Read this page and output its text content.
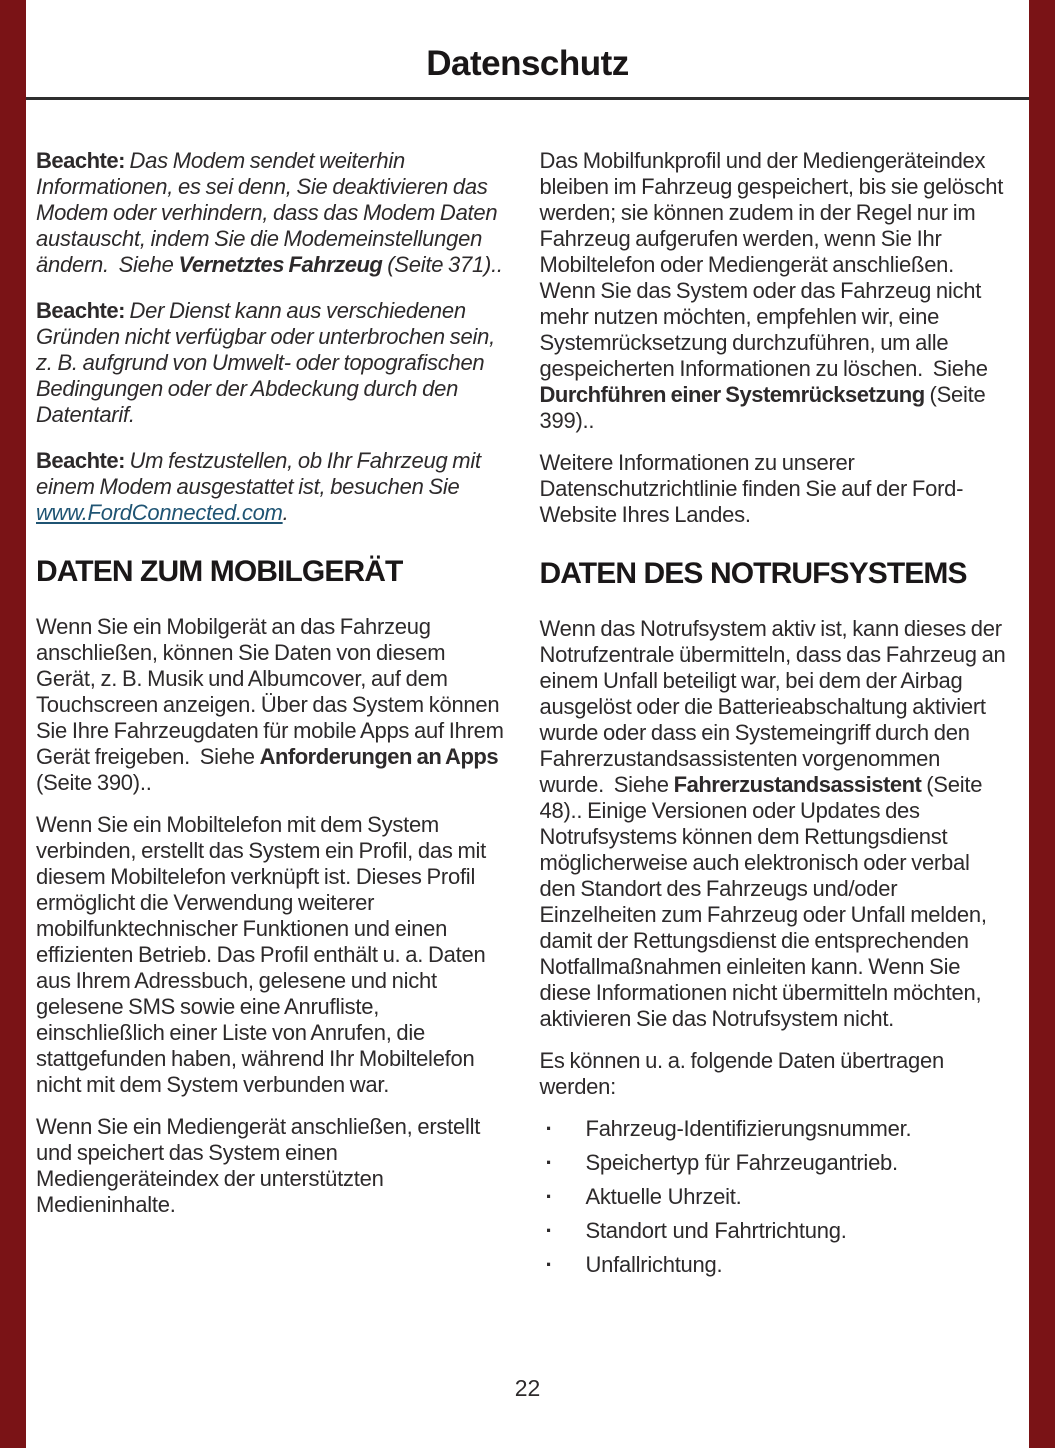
Datenschutz

Beachte: Das Modem sendet weiterhin Informationen, es sei denn, Sie deaktivieren das Modem oder verhindern, dass das Modem Daten austauscht, indem Sie die Modemeinstellungen ändern.  Siehe Vernetztes Fahrzeug (Seite 371)..

Beachte: Der Dienst kann aus verschiedenen Gründen nicht verfügbar oder unterbrochen sein, z. B. aufgrund von Umwelt- oder topografischen Bedingungen oder der Abdeckung durch den Datentarif.

Beachte: Um festzustellen, ob Ihr Fahrzeug mit einem Modem ausgestattet ist, besuchen Sie www.FordConnected.com.

DATEN ZUM MOBILGERÄT

Wenn Sie ein Mobilgerät an das Fahrzeug anschließen, können Sie Daten von diesem Gerät, z. B. Musik und Albumcover, auf dem Touchscreen anzeigen. Über das System können Sie Ihre Fahrzeugdaten für mobile Apps auf Ihrem Gerät freigeben.  Siehe Anforderungen an Apps (Seite 390)..

Wenn Sie ein Mobiltelefon mit dem System verbinden, erstellt das System ein Profil, das mit diesem Mobiltelefon verknüpft ist. Dieses Profil ermöglicht die Verwendung weiterer mobilfunktechnischer Funktionen und einen effizienten Betrieb. Das Profil enthält u. a. Daten aus Ihrem Adressbuch, gelesene und nicht gelesene SMS sowie eine Anrufliste, einschließlich einer Liste von Anrufen, die stattgefunden haben, während Ihr Mobiltelefon nicht mit dem System verbunden war.

Wenn Sie ein Mediengerät anschließen, erstellt und speichert das System einen Mediengeräteindex der unterstützten Medieninhalte.

Das Mobilfunkprofil und der Mediengeräteindex bleiben im Fahrzeug gespeichert, bis sie gelöscht werden; sie können zudem in der Regel nur im Fahrzeug aufgerufen werden, wenn Sie Ihr Mobiltelefon oder Mediengerät anschließen. Wenn Sie das System oder das Fahrzeug nicht mehr nutzen möchten, empfehlen wir, eine Systemrücksetzung durchzuführen, um alle gespeicherten Informationen zu löschen.  Siehe Durchführen einer Systemrücksetzung (Seite 399)..

Weitere Informationen zu unserer Datenschutzrichtlinie finden Sie auf der Ford-Website Ihres Landes.

DATEN DES NOTRUFSYSTEMS

Wenn das Notrufsystem aktiv ist, kann dieses der Notrufzentrale übermitteln, dass das Fahrzeug an einem Unfall beteiligt war, bei dem der Airbag ausgelöst oder die Batterieabschaltung aktiviert wurde oder dass ein Systemeingriff durch den Fahrerzustandsassistenten vorgenommen wurde.  Siehe Fahrerzustandsassistent (Seite 48).. Einige Versionen oder Updates des Notrufsystems können dem Rettungsdienst möglicherweise auch elektronisch oder verbal den Standort des Fahrzeugs und/oder Einzelheiten zum Fahrzeug oder Unfall melden, damit der Rettungsdienst die entsprechenden Notfallmaßnahmen einleiten kann. Wenn Sie diese Informationen nicht übermitteln möchten, aktivieren Sie das Notrufsystem nicht.

Es können u. a. folgende Daten übertragen werden:

·	Fahrzeug-Identifizierungsnummer.
·	Speichertyp für Fahrzeugantrieb.
·	Aktuelle Uhrzeit.
·	Standort und Fahrtrichtung.
·	Unfallrichtung.
22
